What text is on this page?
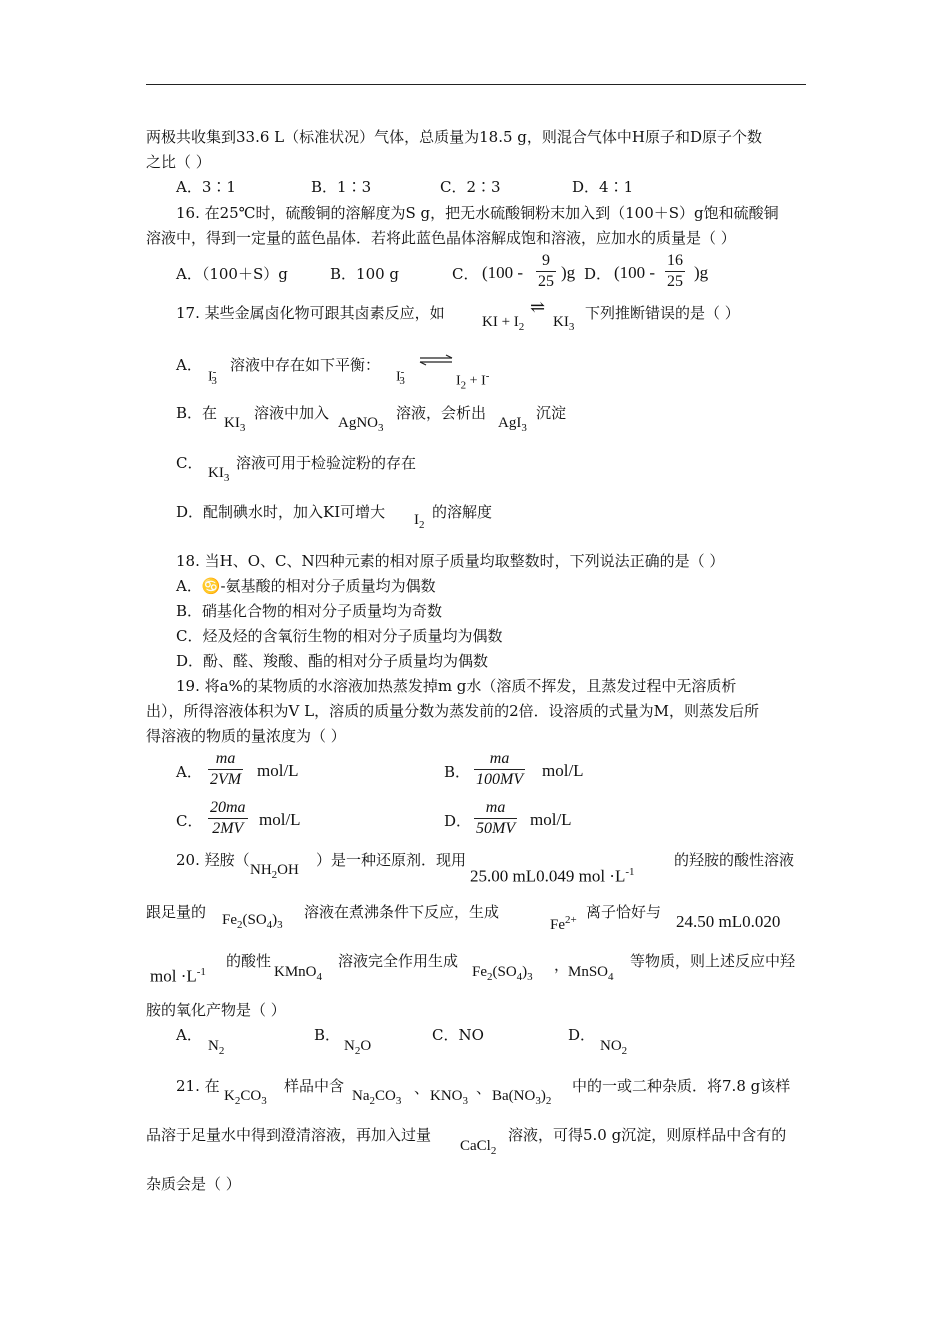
两极共收集到33.6 L（标准状况）气体，总质量为18.5 g，则混合气体中H原子和D原子个数
之比（ ）
A．3∶1	B．1∶3	C．2∶3	D．4∶1
16. 在25℃时，硫酸铜的溶解度为S g，把无水硫酸铜粉末加入到（100＋S）g饱和硫酸铜
溶液中，得到一定量的蓝色晶体．若将此蓝色晶体溶解成饱和溶液，应加水的质量是（ ）
A．（100＋S）g	B．100 g	C． (100 -
9
25 )g D． (100 -
16
25 )g
17. 某些金属卤化物可跟其卤素反应，如 KI + $I_2$
⇌
$KI_3$
下列推断错误的是（ ）
A．
$I^-_3$
溶液中存在如下平衡：
$I^-_3$	$I_2 + I^-$
B．在
$KI_3$
溶液中加入
AgNO$_3$
溶液，会析出
AgI$_3$
沉淀
C．
$KI_3$
溶液可用于检验淀粉的存在
D．配制碘水时，加入KI可增大 $I_2$
的溶解度
18. 当H、O、C、N四种元素的相对原子质量均取整数时，下列说法正确的是（ ）
A．♋-氨基酸的相对分子质量均为偶数
B．硝基化合物的相对分子质量均为奇数
C．烃及烃的含氧衍生物的相对分子质量均为偶数
D．酚、醛、羧酸、酯的相对分子质量均为偶数
19. 将a%的某物质的水溶液加热蒸发掉m g水（溶质不挥发，且蒸发过程中无溶质析
出），所得溶液体积为V L，溶质的质量分数为蒸发前的2倍．设溶质的式量为M，则蒸发后所
得溶液的物质的量浓度为（ ）
A．
ma
2VM mol/L	B．
ma
100MV mol/L
C．
20ma
2MV mol/L	D．
ma
50MV mol/L
20. 羟胺（
$NH_2OH$
）是一种还原剂．现用
25.00 mL0.049 mol $\cdot L^{-1}$
的羟胺的酸性溶液
跟足量的 $Fe_2(SO_4)_3$
溶液在煮沸条件下反应，生成
$Fe^{2+}$ 离子恰好与 24.50 mL0.020
mol $\cdot L^{-1}$
的酸性
KMnO$_4$
溶液完全作用生成
$Fe_2(SO_4)_3$
，
MnSO$_4$
等物质，则上述反应中羟
胺的氧化产物是（ ）
A．
$N_2$
B．
$N_2O$
C．NO	D．
$NO_2$
21. 在
$K_2CO_3$
样品中含
$Na_2CO_3$
、 $KNO_3$
、 $Ba(NO_3)_2$
中的一或二种杂质．将7.8 g该样
品溶于足量水中得到澄清溶液，再加入过量
CaCl$_2$
溶液，可得5.0 g沉淀，则原样品中含有的
杂质会是（ ）
